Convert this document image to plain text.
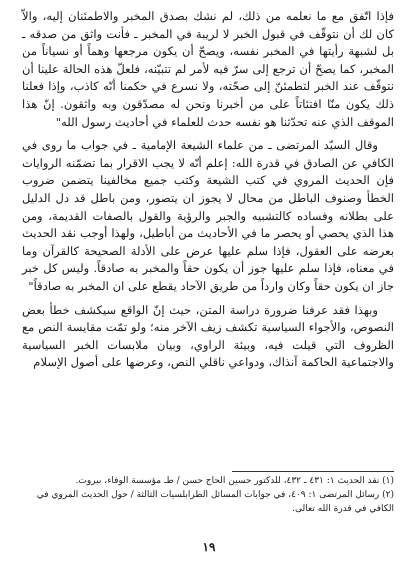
فإذا اتّفق مع ما نعلمه من ذلك، لم نشك بصدق المخبر والاطمئنان إليه، والاّ كان لك أن نتوقّف في قبول الخبر لا لريبة في المخبر ـ فأنت واثق من صدقه ـ بل لشبهة رأيتها في المخبر نفسه، ويصحّ أن يكون مرجعها وهماً أو نسياناً من المخبر، كما يصحّ أن ترجع إلى سرّ فيه لأمر لم تتبيّنه، فلعلّ هذه الحالة علينا أن نتوقّف عند الخبر لتطمئنّ إلى صحّته، ولا نسرع في حكمنا أنّه كاذب، وإذا فعلنا ذلك يكون منّا افتئاتاً على من أخبرنا ونحن له مصدّقون وبه واثقون. إنّ هذا الموقف الذي عنه تحدّثنا هو نفسه حدث للعلماء في أحاديث رسول الله"

وقال السيّد المرتضى ـ من علماء الشيعة الإمامية ـ في جواب ما روى في الكافي عن الصادق في قدرة الله: إعلم أنّه لا يجب الاقرار بما تضمّنه الروايات فإن الحديث المروي في كتب الشيعة وكتب جميع مخالفينا يتضمن ضروب الخطأ وصنوف الباطل من محال لا يجوز ان يتصور، ومن باطل قد دل الدليل على بطلانه وفساده كالتشبيه والجبر والرؤية والقول بالصفات القديمة، ومن هذا الذي يحصي أو يحصر ما في الأحاديث من أباطيل، ولهذا أوجب نقد الحديث بعرضه على العقول، فإذا سلم عليها عرض على الأدلة الصحيحة كالقرآن وما في معناه، فإذا سلم عليها جوز أن يكون حقاً والمخبر به صادقاً. وليس كل خبر جاز ان يكون حقاً وكان وارداً من طريق الآحاد يقطع على ان المخبر به صادقاً"

وبهذا فقد عرفنا ضرورة دراسة المتن، حيث إنّ الواقع سيكشف خطأ بعض النصوص، والأجواء السياسية تكشف زيف الآخر منه؛ ولو تمّت مقايسة النص مع الظروف التي قيلت فيه، وبيئة الراوي، وبيان ملابسات الخبر السياسية والاجتماعية الحاكمة آنذاك، ودواعي ناقلي النص، وعرضها على أصول الإسلام

(١) نقد الحديث ١: ٤٣١ ـ ٤٣٢، للدكتور حسين الحاج حسن / طـ مؤسسة الوفاء، بيروت.

(٢) رسائل المرتضى ١: ٤٠٩، في جوابات المسائل الطرابلسيات الثالثة / حول الحديث المروي في الكافي في قدرة الله تعالى.

١٩
